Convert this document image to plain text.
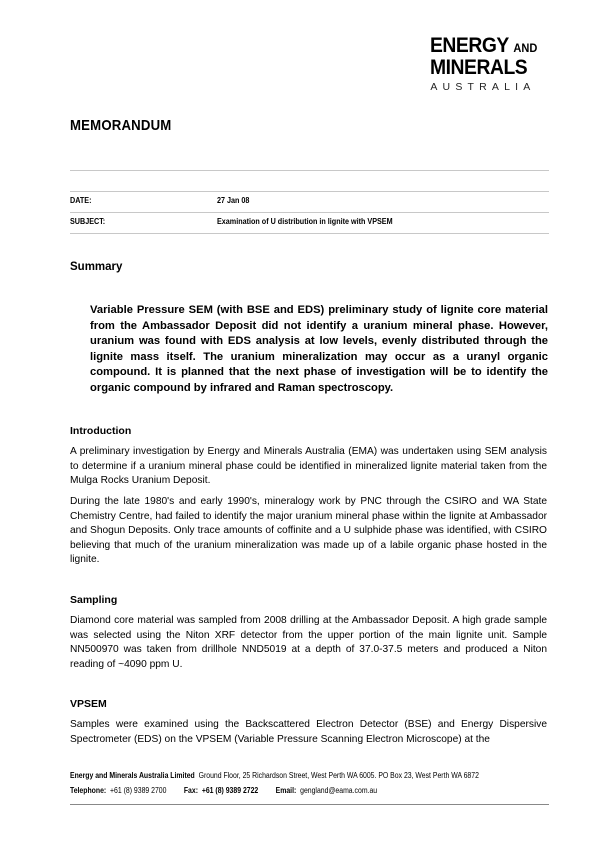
ENERGY AND
MINERALS
AUSTRALIA
MEMORANDUM
DATE:	27 Jan 08
SUBJECT:	Examination of U distribution in lignite with VPSEM
Summary
Variable Pressure SEM (with BSE and EDS) preliminary study of lignite core material from the Ambassador Deposit did not identify a uranium mineral phase. However, uranium was found with EDS analysis at low levels, evenly distributed through the lignite mass itself. The uranium mineralization may occur as a uranyl organic compound. It is planned that the next phase of investigation will be to identify the organic compound by infrared and Raman spectroscopy.
Introduction
A preliminary investigation by Energy and Minerals Australia (EMA) was undertaken using SEM analysis to determine if a uranium mineral phase could be identified in mineralized lignite material taken from the Mulga Rocks Uranium Deposit.
During the late 1980's and early 1990's, mineralogy work by PNC through the CSIRO and WA State Chemistry Centre, had failed to identify the major uranium mineral phase within the lignite at Ambassador and Shogun Deposits. Only trace amounts of coffinite and a U sulphide phase was identified, with CSIRO believing that much of the uranium mineralization was made up of a labile organic phase hosted in the lignite.
Sampling
Diamond core material was sampled from 2008 drilling at the Ambassador Deposit. A high grade sample was selected using the Niton XRF detector from the upper portion of the main lignite unit. Sample NN500970 was taken from drillhole NND5019 at a depth of 37.0-37.5 meters and produced a Niton reading of ~4090 ppm U.
VPSEM
Samples were examined using the Backscattered Electron Detector (BSE) and Energy Dispersive Spectrometer (EDS) on the VPSEM (Variable Pressure Scanning Electron Microscope) at the
Energy and Minerals Australia Limited Ground Floor, 25 Richardson Street, West Perth WA 6005. PO Box 23, West Perth WA 6872
Telephone: +61 (8) 9389 2700 Fax: +61 (8) 9389 2722 Email: gengland@eama.com.au
